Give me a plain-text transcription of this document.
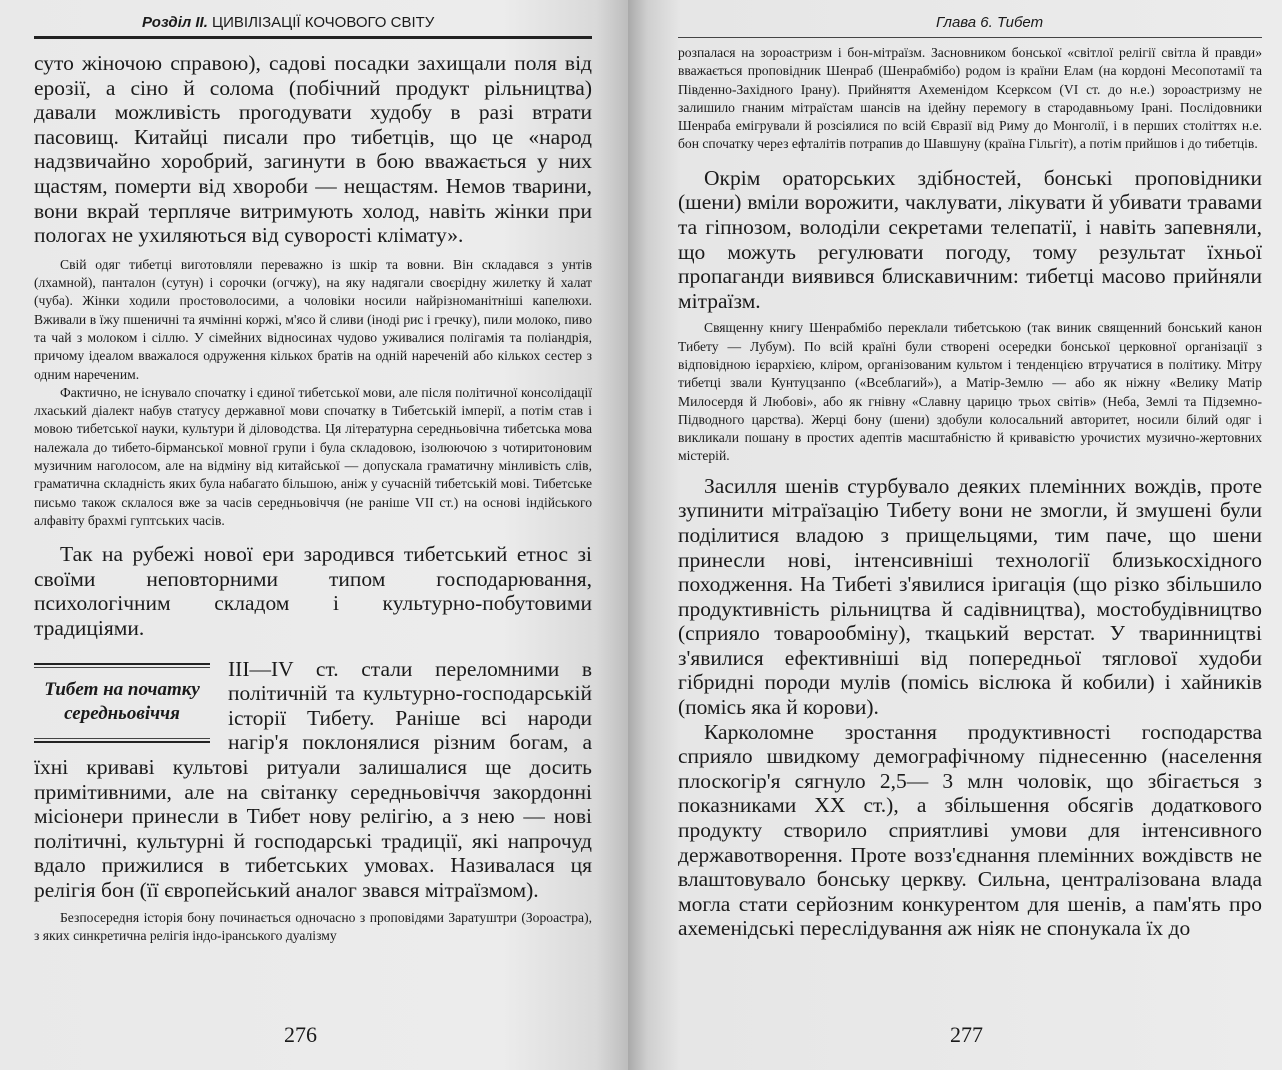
Розділ II. ЦИВІЛІЗАЦІЇ КОЧОВОГО СВІТУ

суто жіночою справою), садові посадки захищали поля від ерозії, а сіно й солома (побічний продукт рільництва) давали можливість прогодувати худобу в разі втрати пасовищ. Китайці писали про тибетців, що це «народ надзвичайно хоробрий, загинути в бою вважається у них щастям, померти від хвороби — нещастям. Немов тварини, вони вкрай терпляче витримують холод, навіть жінки при пологах не ухиляються від суворості клімату».

Свій одяг тибетці виготовляли переважно із шкір та вовни. Він складався з унтів (лхамной), панталон (сутун) і сорочки (огчжу), на яку надягали своєрідну жилетку й халат (чуба). Жінки ходили простоволосими, а чоловіки носили найрізноманітніші капелюхи. Вживали в їжу пшеничні та ячмінні коржі, м'ясо й сливи (іноді рис і гречку), пили молоко, пиво та чай з молоком і сіллю. У сімейних відносинах чудово уживалися полігамія та поліандрія, причому ідеалом вважалося одруження кількох братів на одній нареченій або кількох сестер з одним нареченим.

Фактично, не існувало спочатку і єдиної тибетської мови, але після політичної консолідації лхаський діалект набув статусу державної мови спочатку в Тибетській імперії, а потім став і мовою тибетської науки, культури й діловодства. Ця літературна середньовічна тибетська мова належала до тибето-бірманської мовної групи і була складовою, ізолюючою з чотиритоновим музичним наголосом, але на відміну від китайської — допускала граматичну мінливість слів, граматична складність яких була набагато більшою, аніж у сучасній тибетській мові. Тибетське письмо також склалося вже за часів середньовіччя (не раніше VII ст.) на основі індійського алфавіту брахмі гуптських часів.

Так на рубежі нової ери зародився тибетський етнос зі своїми неповторними типом господарювання, психологічним складом і культурно-побутовими традиціями.

Тибет на початку середньовіччя

III—IV ст. стали переломними в політичній та культурно-господарській історії Тибету. Раніше всі народи нагір'я поклонялися різним богам, а їхні криваві культові ритуали залишалися ще досить примітивними, але на світанку середньовіччя закордонні місіонери принесли в Тибет нову релігію, а з нею — нові політичні, культурні й господарські традиції, які напрочуд вдало прижилися в тибетських умовах. Називалася ця релігія бон (її європейський аналог звався мітраїзмом).

Безпосередня історія бону починається одночасно з проповідями Заратуштри (Зороастра), з яких синкретична релігія індо-іранського дуалізму

276
Глава 6. Тибет

розпалася на зороастризм і бон-мітраїзм. Засновником бонської «світлої релігії світла й правди» вважається проповідник Шенраб (Шенрабмібо) родом із країни Елам (на кордоні Месопотамії та Південно-Західного Ірану). Прийняття Ахеменідом Ксерксом (VI ст. до н.е.) зороастризму не залишило гнаним мітраїстам шансів на ідейну перемогу в стародавньому Ірані. Послідовники Шенраба емігрували й розсіялися по всій Євразії від Риму до Монголії, і в перших століттях н.е. бон спочатку через ефталітів потрапив до Шавшуну (країна Гільгіт), а потім прийшов і до тибетців.

Окрім ораторських здібностей, бонські проповідники (шени) вміли ворожити, чаклувати, лікувати й убивати травами та гіпнозом, володіли секретами телепатії, і навіть запевняли, що можуть регулювати погоду, тому результат їхньої пропаганди виявився блискавичним: тибетці масово прийняли мітраїзм.

Священну книгу Шенрабмібо переклали тибетською (так виник священний бонський канон Тибету — Лубум). По всій країні були створені осередки бонської церковної організації з відповідною ієрархією, кліром, організованим культом і тенденцією втручатися в політику. Мітру тибетці звали Кунтуцзанпо («Всеблагий»), а Матір-Землю — або як ніжну «Велику Матір Милосердя й Любові», або як гнівну «Славну царицю трьох світів» (Неба, Землі та Підземно-Підводного царства). Жерці бону (шени) здобули колосальний авторитет, носили білий одяг і викликали пошану в простих адептів масштабністю й кривавістю урочистих музично-жертовних містерій.

Засилля шенів стурбувало деяких племінних вождів, проте зупинити мітраїзацію Тибету вони не змогли, й змушені були поділитися владою з прищельцями, тим паче, що шени принесли нові, інтенсивніші технології близькосхідного походження. На Тибеті з'явилися іригація (що різко збільшило продуктивність рільництва й садівництва), мостобудівництво (сприяло товарообміну), ткацький верстат. У тваринництві з'явилися ефективніші від попередньої тяглової худоби гібридні породи мулів (помісь віслюка й кобили) і хайників (помісь яка й корови).

Карколомне зростання продуктивності господарства сприяло швидкому демографічному піднесенню (населення плоскогір'я сягнуло 2,5— 3 млн чоловік, що збігається з показниками XX ст.), а збільшення обсягів додаткового продукту створило сприятливі умови для інтенсивного державотворення. Проте возз'єднання племінних вождівств не влаштовувало бонську церкву. Сильна, централізована влада могла стати серйозним конкурентом для шенів, а пам'ять про ахеменідські переслідування аж ніяк не спонукала їх до

277
